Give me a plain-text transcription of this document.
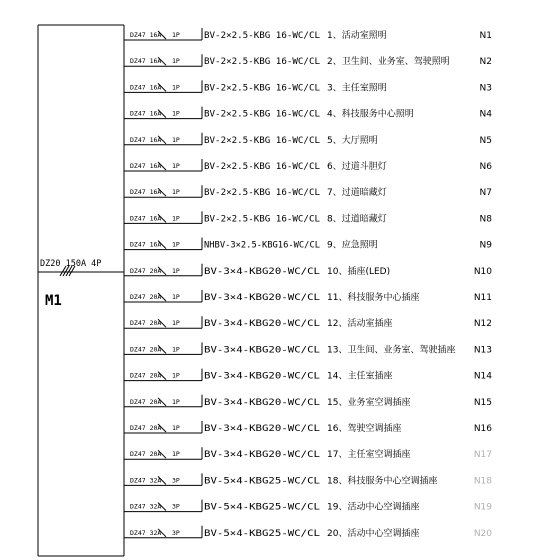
DZ20 150A 4P
M1
DZ47 16A 1P	BV-2×2.5-KBG 16-WC/CL 1、活动室照明	N1
DZ47 16A 1P	BV-2×2.5-KBG 16-WC/CL 2、卫生间、业务室、驾驶照明	N2
DZ47 16A 1P	BV-2×2.5-KBG 16-WC/CL 3、主任室照明	N3
DZ47 16A 1P	BV-2×2.5-KBG 16-WC/CL 4、科技服务中心照明	N4
DZ47 16A 1P	BV-2×2.5-KBG 16-WC/CL 5、大厅照明	N5
DZ47 16A 1P	BV-2×2.5-KBG 16-WC/CL 6、过道斗胆灯	N6
DZ47 16A 1P	BV-2×2.5-KBG 16-WC/CL 7、过道暗藏灯	N7
DZ47 16A 1P	BV-2×2.5-KBG 16-WC/CL 8、过道暗藏灯	N8
DZ47 16A 1P	NHBV-3×2.5-KBG16-WC/CL 9、应急照明	N9
DZ47 20A 1P	BV-3×4-KBG20-WC/CL 10、插座(LED)	N10
DZ47 20A 1P	BV-3×4-KBG20-WC/CL 11、科技服务中心插座	N11
DZ47 20A 1P	BV-3×4-KBG20-WC/CL 12、活动室插座	N12
DZ47 20A 1P	BV-3×4-KBG20-WC/CL 13、卫生间、业务室、驾驶插座 N13
DZ47 20A 1P	BV-3×4-KBG20-WC/CL 14、主任室插座	N14
DZ47 20A 1P	BV-3×4-KBG20-WC/CL 15、业务室空调插座	N15
DZ47 20A 1P	BV-3×4-KBG20-WC/CL 16、驾驶空调插座	N16
DZ47 20A 1P	BV-3×4-KBG20-WC/CL 17、主任室空调插座	N17
DZ47 32A 3P	BV-5×4-KBG25-WC/CL 18、科技服务中心空调插座	N18
DZ47 32A 3P	BV-5×4-KBG25-WC/CL 19、活动中心空调插座	N19
DZ47 32A 3P	BV-5×4-KBG25-WC/CL 20、活动中心空调插座	N20
